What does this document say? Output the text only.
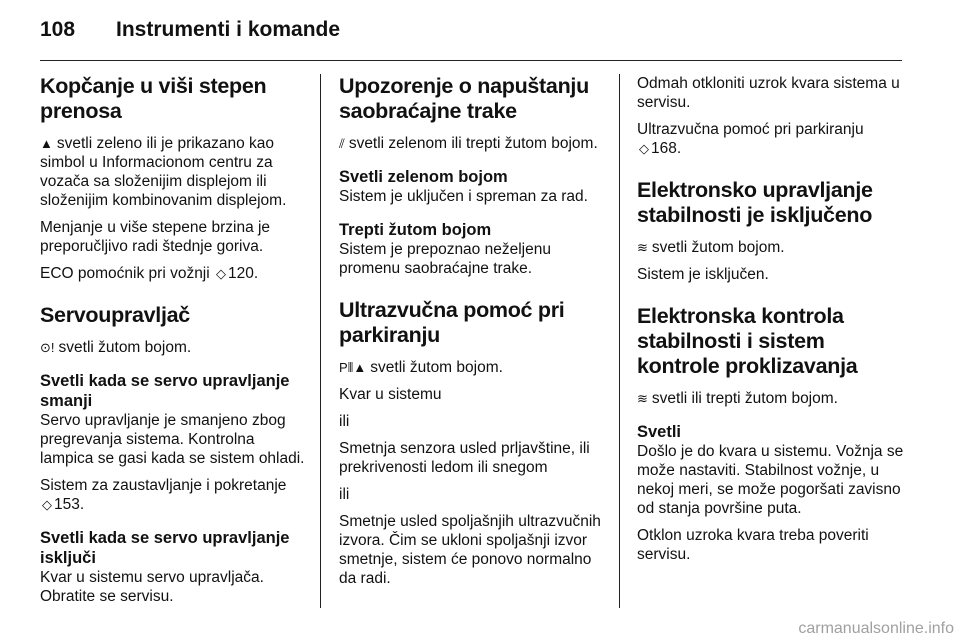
108 Instrumenti i komande
Kopčanje u viši stepen prenosa

▲ svetli zeleno ili je prikazano kao simbol u Informacionom centru za vozača sa složenijim displejom ili složenijim kombinovanim displejom.

Menjanje u više stepene brzina je preporučljivo radi štednje goriva.

ECO pomoćnik pri vožnji ◇ 120.

Servoupravljač

⊙! svetli žutom bojom.

Svetli kada se servo upravljanje smanji

Servo upravljanje je smanjeno zbog pregrevanja sistema. Kontrolna lampica se gasi kada se sistem ohladi.

Sistem za zaustavljanje i pokretanje
◇ 153.

Svetli kada se servo upravljanje isključi

Kvar u sistemu servo upravljača. Obratite se servisu.

Upozorenje o napuštanju saobraćajne trake

⫽ svetli zelenom ili trepti žutom bojom.

Svetli zelenom bojom

Sistem je uključen i spreman za rad.

Trepti žutom bojom

Sistem je prepoznao neželjenu promenu saobraćajne trake.

Ultrazvučna pomoć pri parkiranju

P⦀▲ svetli žutom bojom.

Kvar u sistemu

ili

Smetnja senzora usled prljavštine, ili prekrivenosti ledom ili snegom

ili

Smetnje usled spoljašnjih ultrazvučnih izvora. Čim se ukloni spoljašnji izvor smetnje, sistem će ponovo normalno da radi.

Odmah otkloniti uzrok kvara sistema u servisu.

Ultrazvučna pomoć pri parkiranju
◇ 168.

Elektronsko upravljanje stabilnosti je isključeno

≋ svetli žutom bojom.

Sistem je isključen.

Elektronska kontrola stabilnosti i sistem kontrole proklizavanja

≋ svetli ili trepti žutom bojom.

Svetli

Došlo je do kvara u sistemu. Vožnja se može nastaviti. Stabilnost vožnje, u nekoj meri, se može pogoršati zavisno od stanja površine puta.

Otklon uzroka kvara treba poveriti servisu.

carmanualsonline.info
